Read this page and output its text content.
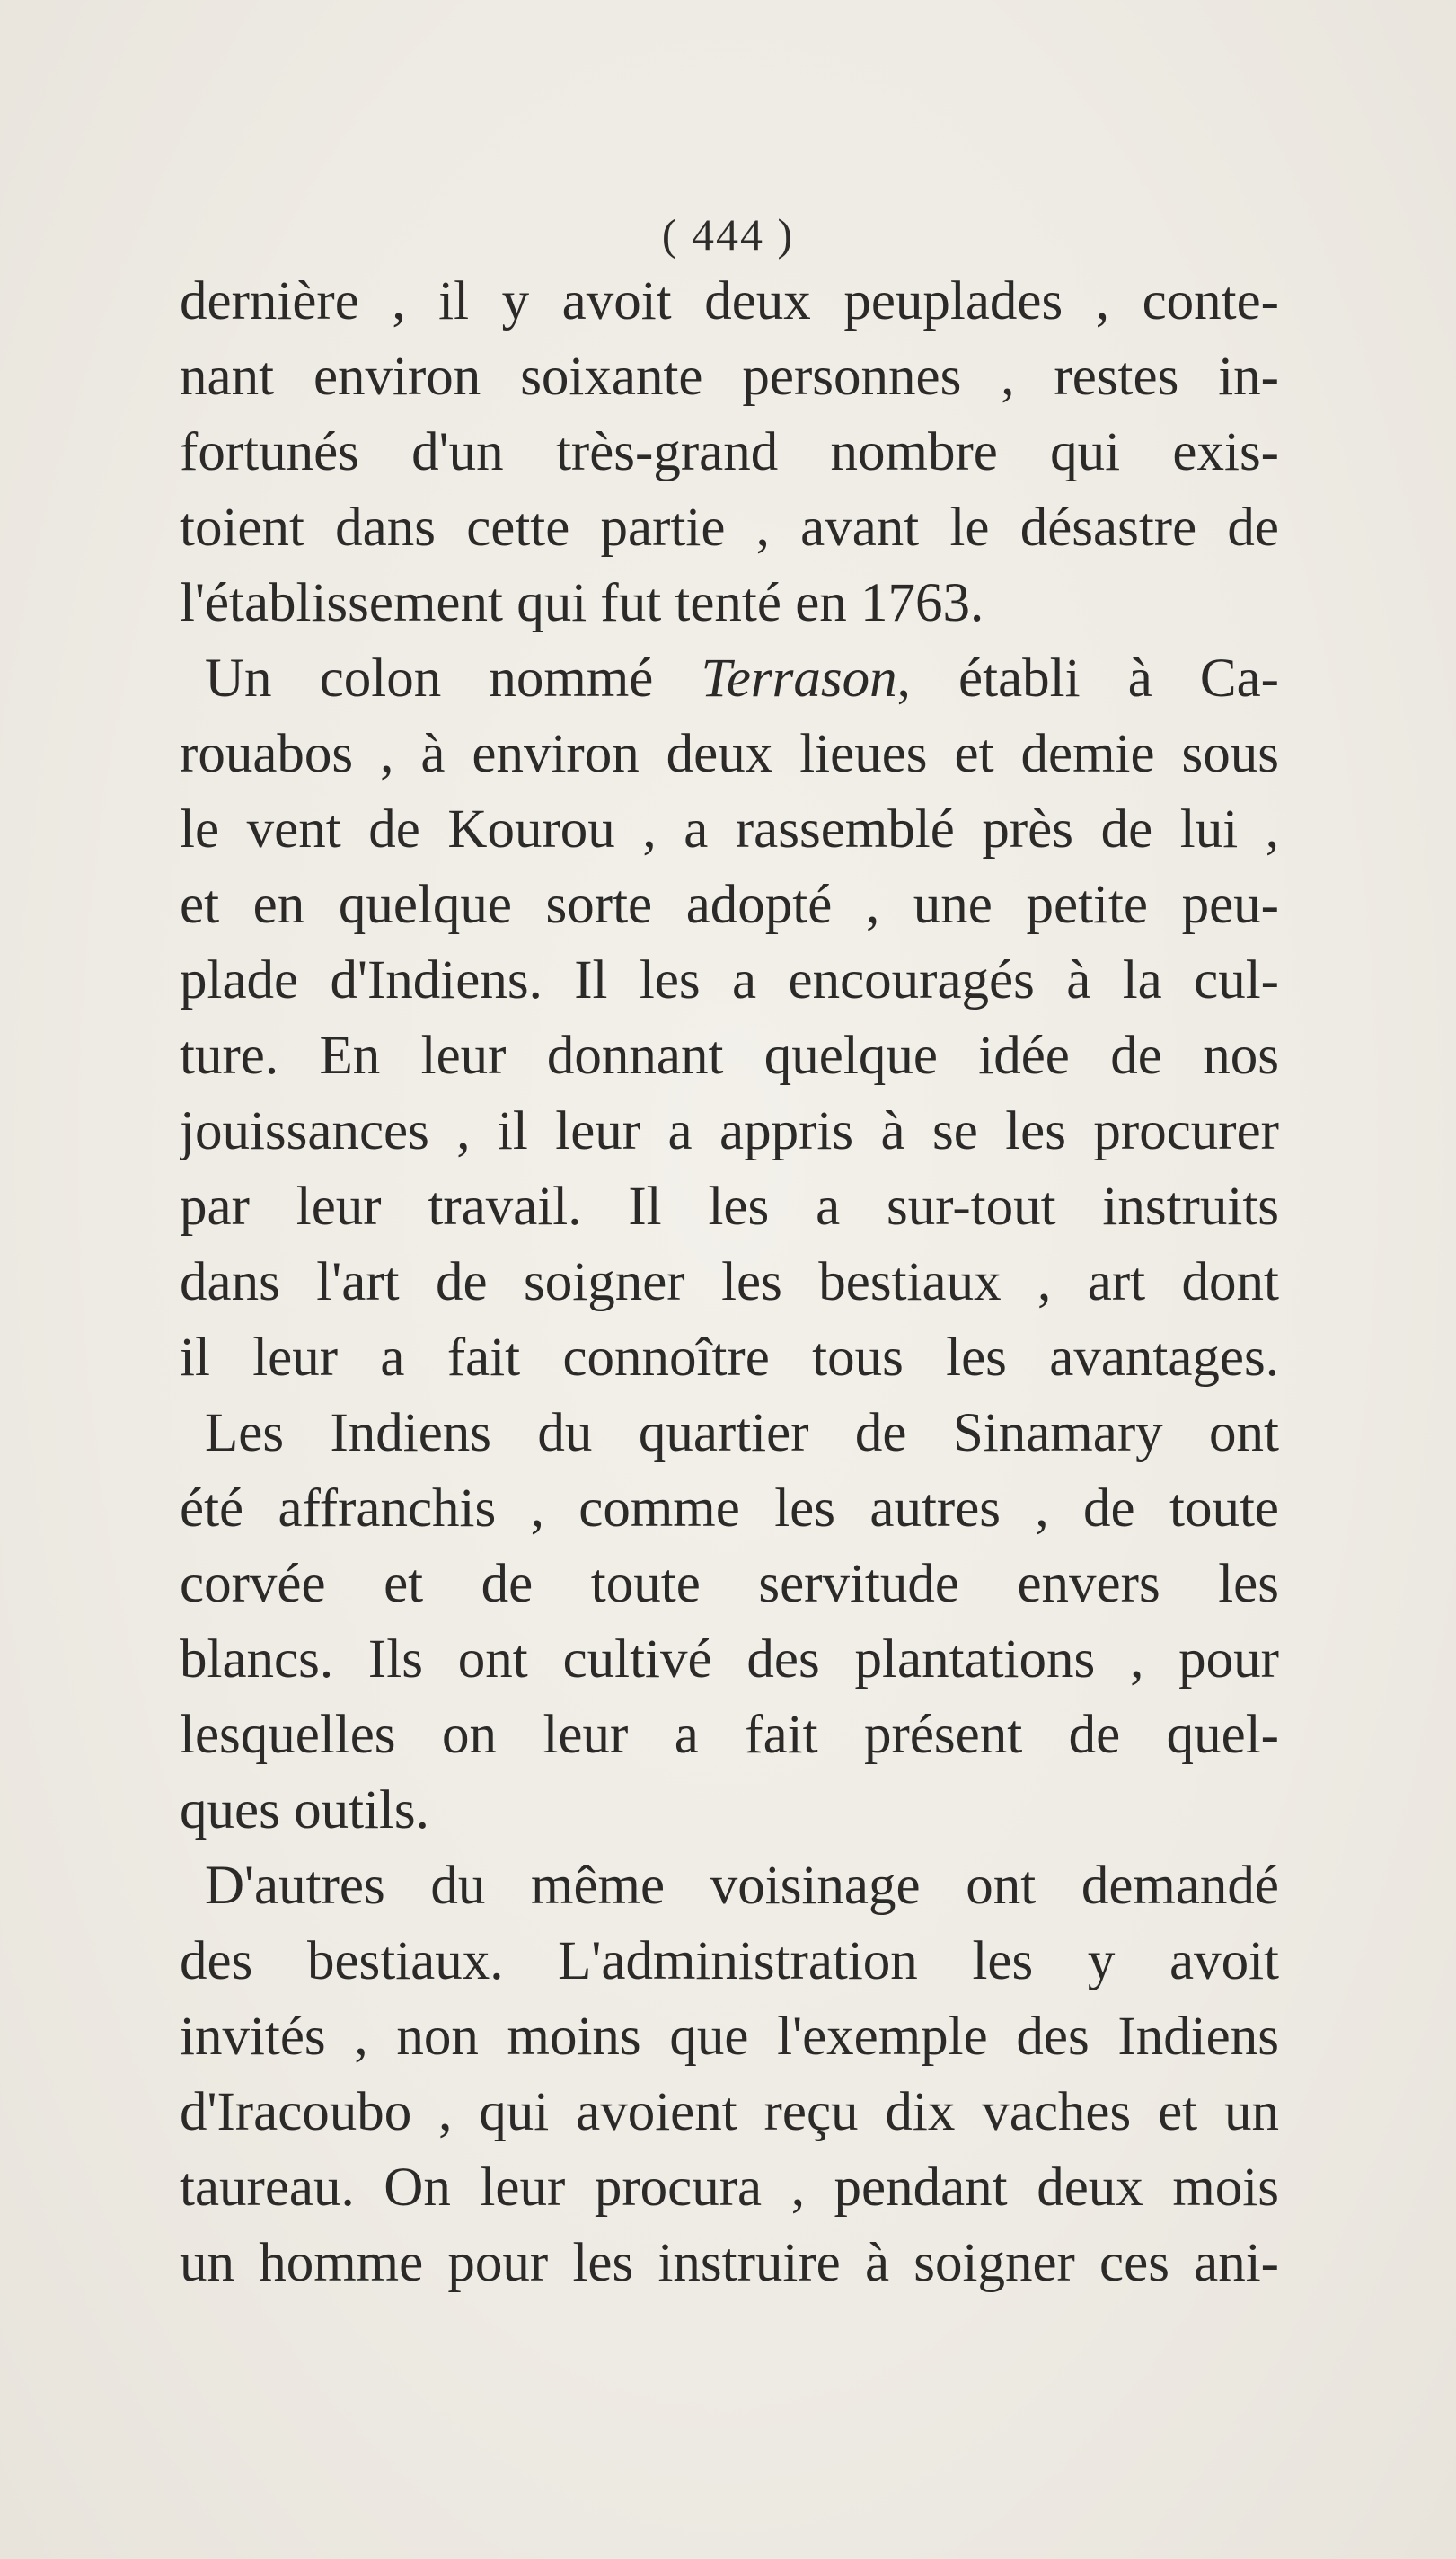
( 444 )
dernière , il y avoit deux peuplades , conte-
nant environ soixante personnes , restes in-
fortunés d'un très-grand nombre qui exis-
toient dans cette partie , avant le désastre de
l'établissement qui fut tenté en 1763.
Un colon nommé Terrason, établi à Ca-
rouabos , à environ deux lieues et demie sous
le vent de Kourou , a rassemblé près de lui ,
et en quelque sorte adopté , une petite peu-
plade d'Indiens. Il les a encouragés à la cul-
ture. En leur donnant quelque idée de nos
jouissances , il leur a appris à se les procurer
par leur travail. Il les a sur-tout instruits
dans l'art de soigner les bestiaux , art dont
il leur a fait connoître tous les avantages.
Les Indiens du quartier de Sinamary ont
été affranchis , comme les autres , de toute
corvée et de toute servitude envers les
blancs. Ils ont cultivé des plantations , pour
lesquelles on leur a fait présent de quel-
ques outils.
D'autres du même voisinage ont demandé
des bestiaux. L'administration les y avoit
invités , non moins que l'exemple des Indiens
d'Iracoubo , qui avoient reçu dix vaches et un
taureau. On leur procura , pendant deux mois
un homme pour les instruire à soigner ces ani-
